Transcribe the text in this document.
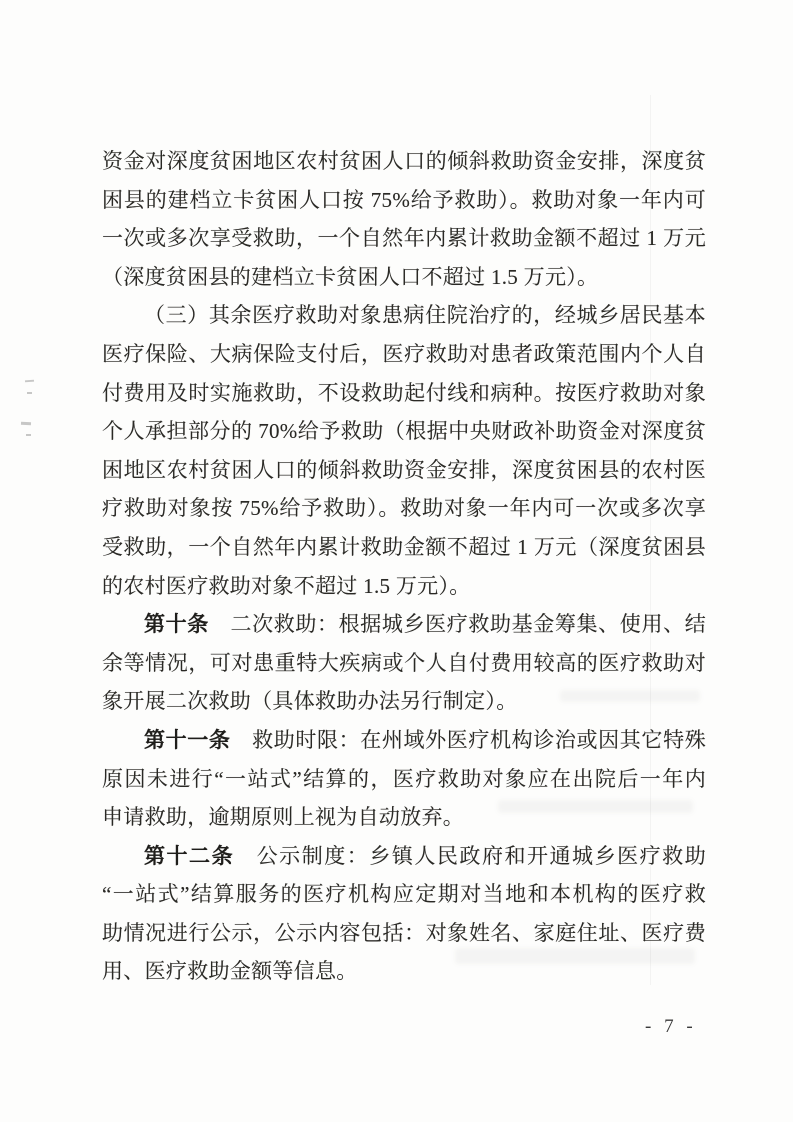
资金对深度贫困地区农村贫困人口的倾斜救助资金安排，深度贫
困县的建档立卡贫困人口按 75%给予救助）。救助对象一年内可
一次或多次享受救助，一个自然年内累计救助金额不超过 1 万元
（深度贫困县的建档立卡贫困人口不超过 1.5 万元）。
（三）其余医疗救助对象患病住院治疗的，经城乡居民基本
医疗保险、大病保险支付后，医疗救助对患者政策范围内个人自
付费用及时实施救助，不设救助起付线和病种。按医疗救助对象
个人承担部分的 70%给予救助（根据中央财政补助资金对深度贫
困地区农村贫困人口的倾斜救助资金安排，深度贫困县的农村医
疗救助对象按 75%给予救助）。救助对象一年内可一次或多次享
受救助，一个自然年内累计救助金额不超过 1 万元（深度贫困县
的农村医疗救助对象不超过 1.5 万元）。
第十条　二次救助：根据城乡医疗救助基金筹集、使用、结
余等情况，可对患重特大疾病或个人自付费用较高的医疗救助对
象开展二次救助（具体救助办法另行制定）。
第十一条　救助时限：在州域外医疗机构诊治或因其它特殊
原因未进行“一站式”结算的，医疗救助对象应在出院后一年内
申请救助，逾期原则上视为自动放弃。
第十二条　公示制度：乡镇人民政府和开通城乡医疗救助
“一站式”结算服务的医疗机构应定期对当地和本机构的医疗救
助情况进行公示，公示内容包括：对象姓名、家庭住址、医疗费
用、医疗救助金额等信息。
- 7 -
